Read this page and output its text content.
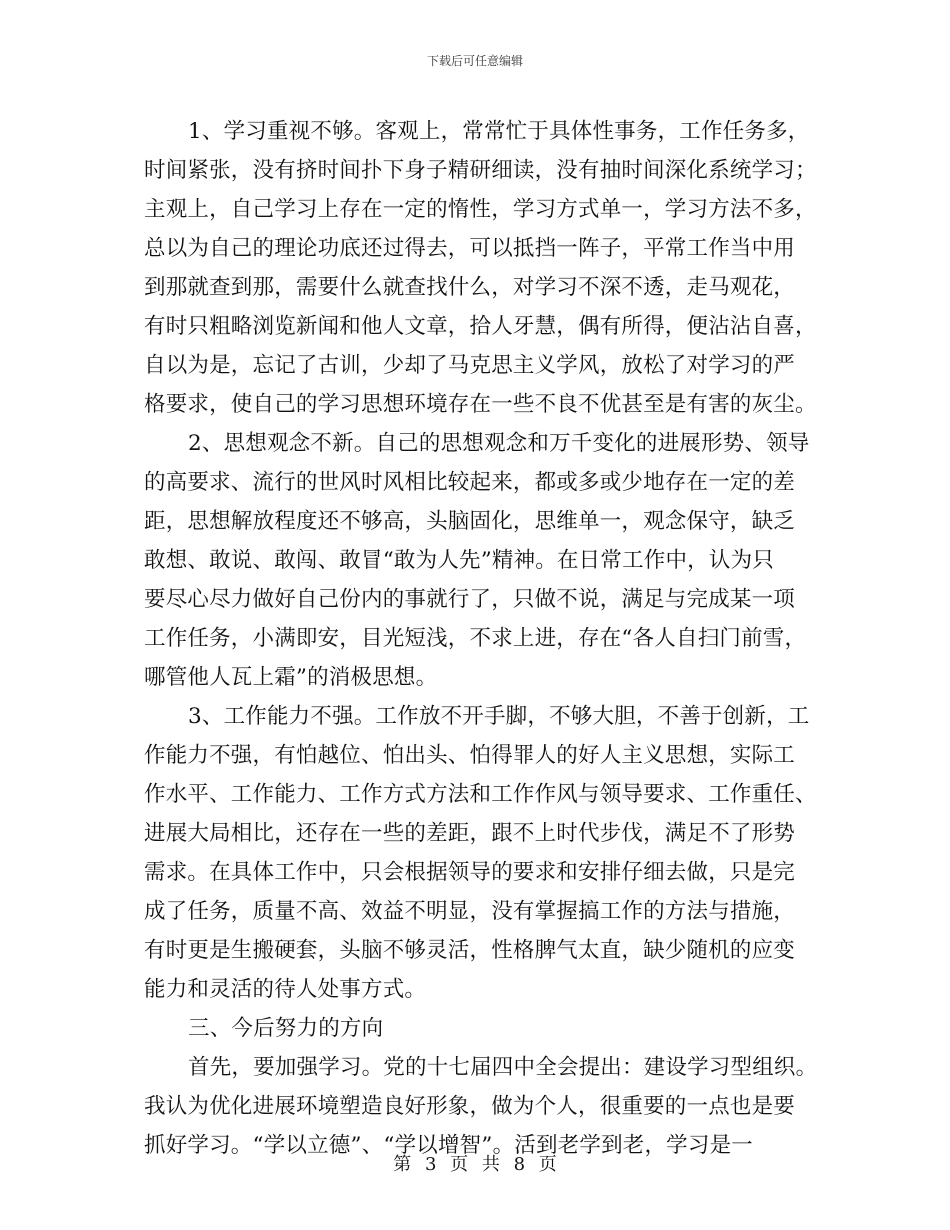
下载后可任意编辑
1、学习重视不够。客观上，常常忙于具体性事务，工作任务多，
时间紧张，没有挤时间扑下身子精研细读，没有抽时间深化系统学习；
主观上，自己学习上存在一定的惰性，学习方式单一，学习方法不多，
总以为自己的理论功底还过得去，可以抵挡一阵子，平常工作当中用
到那就查到那，需要什么就查找什么，对学习不深不透，走马观花，
有时只粗略浏览新闻和他人文章，拾人牙慧，偶有所得，便沾沾自喜，
自以为是，忘记了古训，少却了马克思主义学风，放松了对学习的严
格要求，使自己的学习思想环境存在一些不良不优甚至是有害的灰尘。
2、思想观念不新。自己的思想观念和万千变化的进展形势、领导
的高要求、流行的世风时风相比较起来，都或多或少地存在一定的差
距，思想解放程度还不够高，头脑固化，思维单一，观念保守，缺乏
敢想、敢说、敢闯、敢冒“敢为人先”精神。在日常工作中，认为只
要尽心尽力做好自己份内的事就行了，只做不说，满足与完成某一项
工作任务，小满即安，目光短浅，不求上进，存在“各人自扫门前雪，
哪管他人瓦上霜”的消极思想。
3、工作能力不强。工作放不开手脚，不够大胆，不善于创新，工
作能力不强，有怕越位、怕出头、怕得罪人的好人主义思想，实际工
作水平、工作能力、工作方式方法和工作作风与领导要求、工作重任、
进展大局相比，还存在一些的差距，跟不上时代步伐，满足不了形势
需求。在具体工作中，只会根据领导的要求和安排仔细去做，只是完
成了任务，质量不高、效益不明显，没有掌握搞工作的方法与措施，
有时更是生搬硬套，头脑不够灵活，性格脾气太直，缺少随机的应变
能力和灵活的待人处事方式。
三、今后努力的方向
首先，要加强学习。党的十七届四中全会提出：建设学习型组织。
我认为优化进展环境塑造良好形象，做为个人，很重要的一点也是要
抓好学习。“学以立德”、“学以增智”。活到老学到老，学习是一
第 3 页 共 8 页
